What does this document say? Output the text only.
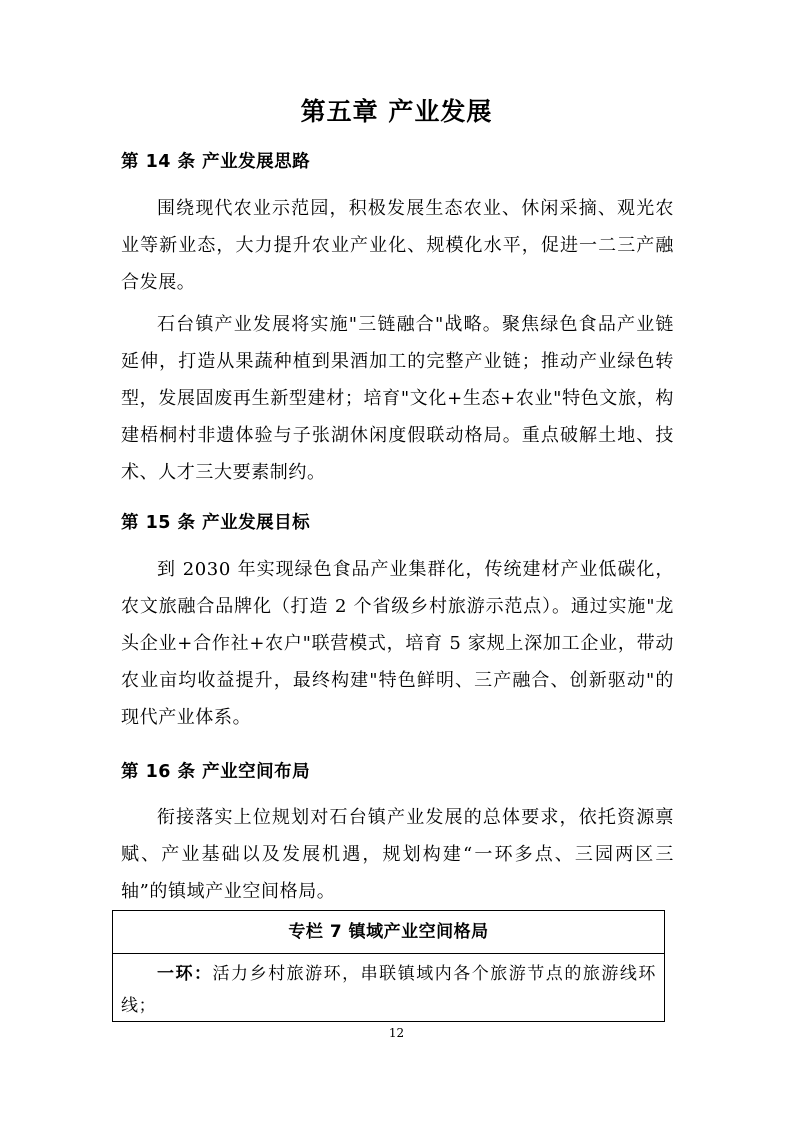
第五章 产业发展
第 14 条 产业发展思路
围绕现代农业示范园，积极发展生态农业、休闲采摘、观光农业等新业态，大力提升农业产业化、规模化水平，促进一二三产融合发展。
石台镇产业发展将实施"三链融合"战略。聚焦绿色食品产业链延伸，打造从果蔬种植到果酒加工的完整产业链；推动产业绿色转型，发展固废再生新型建材；培育"文化+生态+农业"特色文旅，构建梧桐村非遗体验与子张湖休闲度假联动格局。重点破解土地、技术、人才三大要素制约。
第 15 条 产业发展目标
到 2030 年实现绿色食品产业集群化，传统建材产业低碳化，农文旅融合品牌化（打造 2 个省级乡村旅游示范点）。通过实施"龙头企业+合作社+农户"联营模式，培育 5 家规上深加工企业，带动农业亩均收益提升，最终构建"特色鲜明、三产融合、创新驱动"的现代产业体系。
第 16 条 产业空间布局
衔接落实上位规划对石台镇产业发展的总体要求，依托资源禀赋、产业基础以及发展机遇，规划构建“一环多点、三园两区三轴”的镇域产业空间格局。
专栏 7 镇域产业空间格局
一环：活力乡村旅游环，串联镇域内各个旅游节点的旅游线环线；
12
